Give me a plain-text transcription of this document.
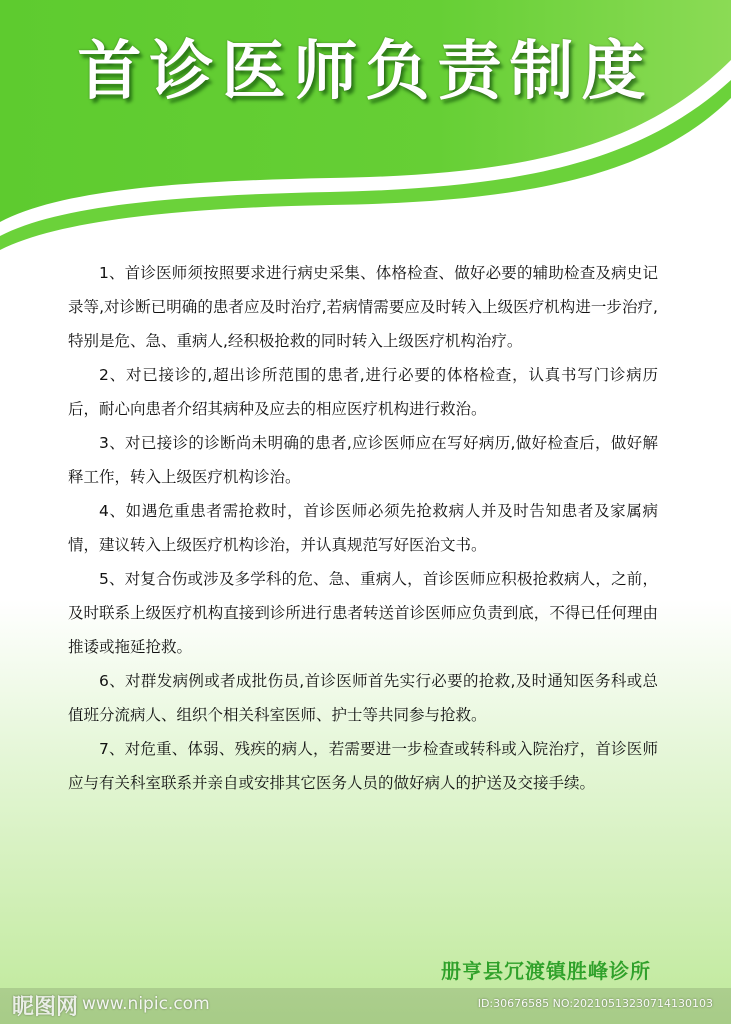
首诊医师负责制度

1、首诊医师须按照要求进行病史采集、体格检查、做好必要的辅助检查及病史记录等,对诊断已明确的患者应及时治疗,若病情需要应及时转入上级医疗机构进一步治疗,特别是危、急、重病人,经积极抢救的同时转入上级医疗机构治疗。

2、对已接诊的,超出诊所范围的患者,进行必要的体格检查，认真书写门诊病历后，耐心向患者介绍其病种及应去的相应医疗机构进行救治。

3、对已接诊的诊断尚未明确的患者,应诊医师应在写好病历,做好检查后，做好解释工作，转入上级医疗机构诊治。

4、如遇危重患者需抢救时，首诊医师必须先抢救病人并及时告知患者及家属病情，建议转入上级医疗机构诊治，并认真规范写好医治文书。

5、对复合伤或涉及多学科的危、急、重病人，首诊医师应积极抢救病人，之前，及时联系上级医疗机构直接到诊所进行患者转送首诊医师应负责到底，不得已任何理由推诿或拖延抢救。

6、对群发病例或者成批伤员,首诊医师首先实行必要的抢救,及时通知医务科或总值班分流病人、组织个相关科室医师、护士等共同参与抢救。

7、对危重、体弱、残疾的病人，若需要进一步检查或转科或入院治疗，首诊医师应与有关科室联系并亲自或安排其它医务人员的做好病人的护送及交接手续。

册亨县冗渡镇胜峰诊所
昵图网 www.nipic.com	ID:30676585 NO:20210513230714130103
